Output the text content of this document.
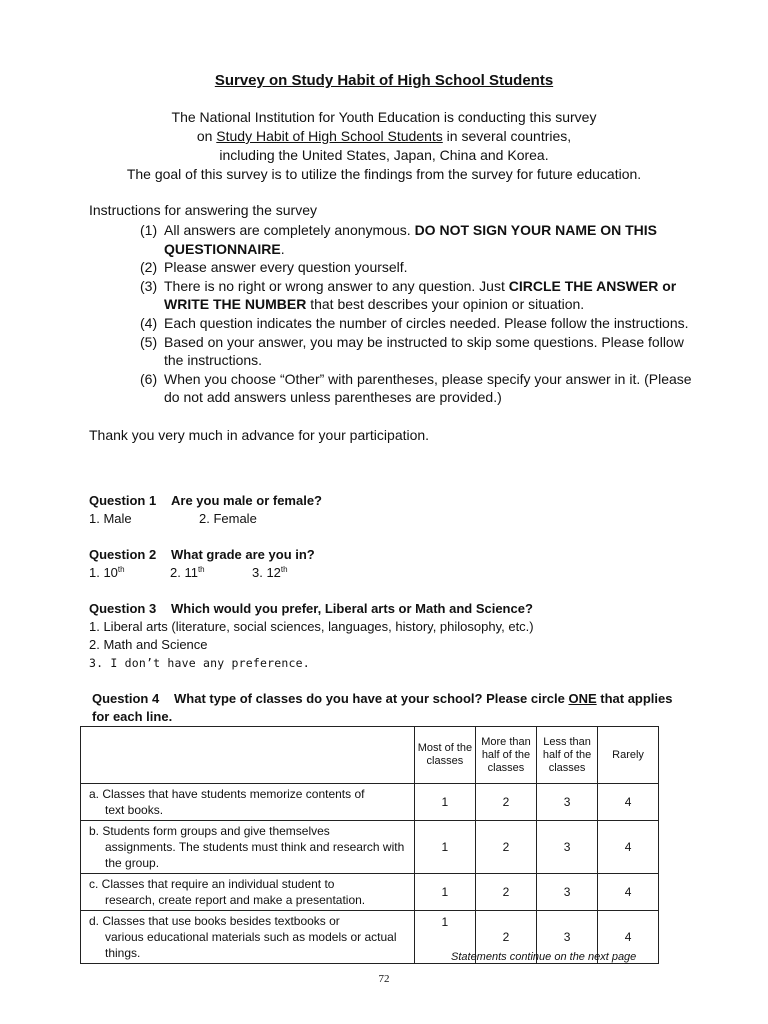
Survey on Study Habit of High School Students
The National Institution for Youth Education is conducting this survey
on Study Habit of High School Students in several countries,
including the United States, Japan, China and Korea.
The goal of this survey is to utilize the findings from the survey for future education.
Instructions for answering the survey
(1) All answers are completely anonymous. DO NOT SIGN YOUR NAME ON THIS QUESTIONNAIRE.
(2) Please answer every question yourself.
(3) There is no right or wrong answer to any question. Just CIRCLE THE ANSWER or WRITE THE NUMBER that best describes your opinion or situation.
(4) Each question indicates the number of circles needed. Please follow the instructions.
(5) Based on your answer, you may be instructed to skip some questions. Please follow the instructions.
(6) When you choose “Other” with parentheses, please specify your answer in it. (Please do not add answers unless parentheses are provided.)
Thank you very much in advance for your participation.
Question 1 Are you male or female?
1. Male	2. Female
Question 2 What grade are you in?
1. 10th	2. 11th	3. 12th
Question 3 Which would you prefer, Liberal arts or Math and Science?
1. Liberal arts (literature, social sciences, languages, history, philosophy, etc.)
2. Math and Science
3. I don’t have any preference.
Question 4 What type of classes do you have at your school? Please circle ONE that applies for each line.
	Most of the classes	More than half of the classes	Less than half of the classes	Rarely
a. Classes that have students memorize contents of
text books.	1	2	3	4
b. Students form groups and give themselves
assignments. The students must think and research with the group.	1	2	3	4
c. Classes that require an individual student to
research, create report and make a presentation.	1	2	3	4
d. Classes that use books besides textbooks or
various educational materials such as models or actual things.	1	2	3	4
Statements continue on the next page
72
